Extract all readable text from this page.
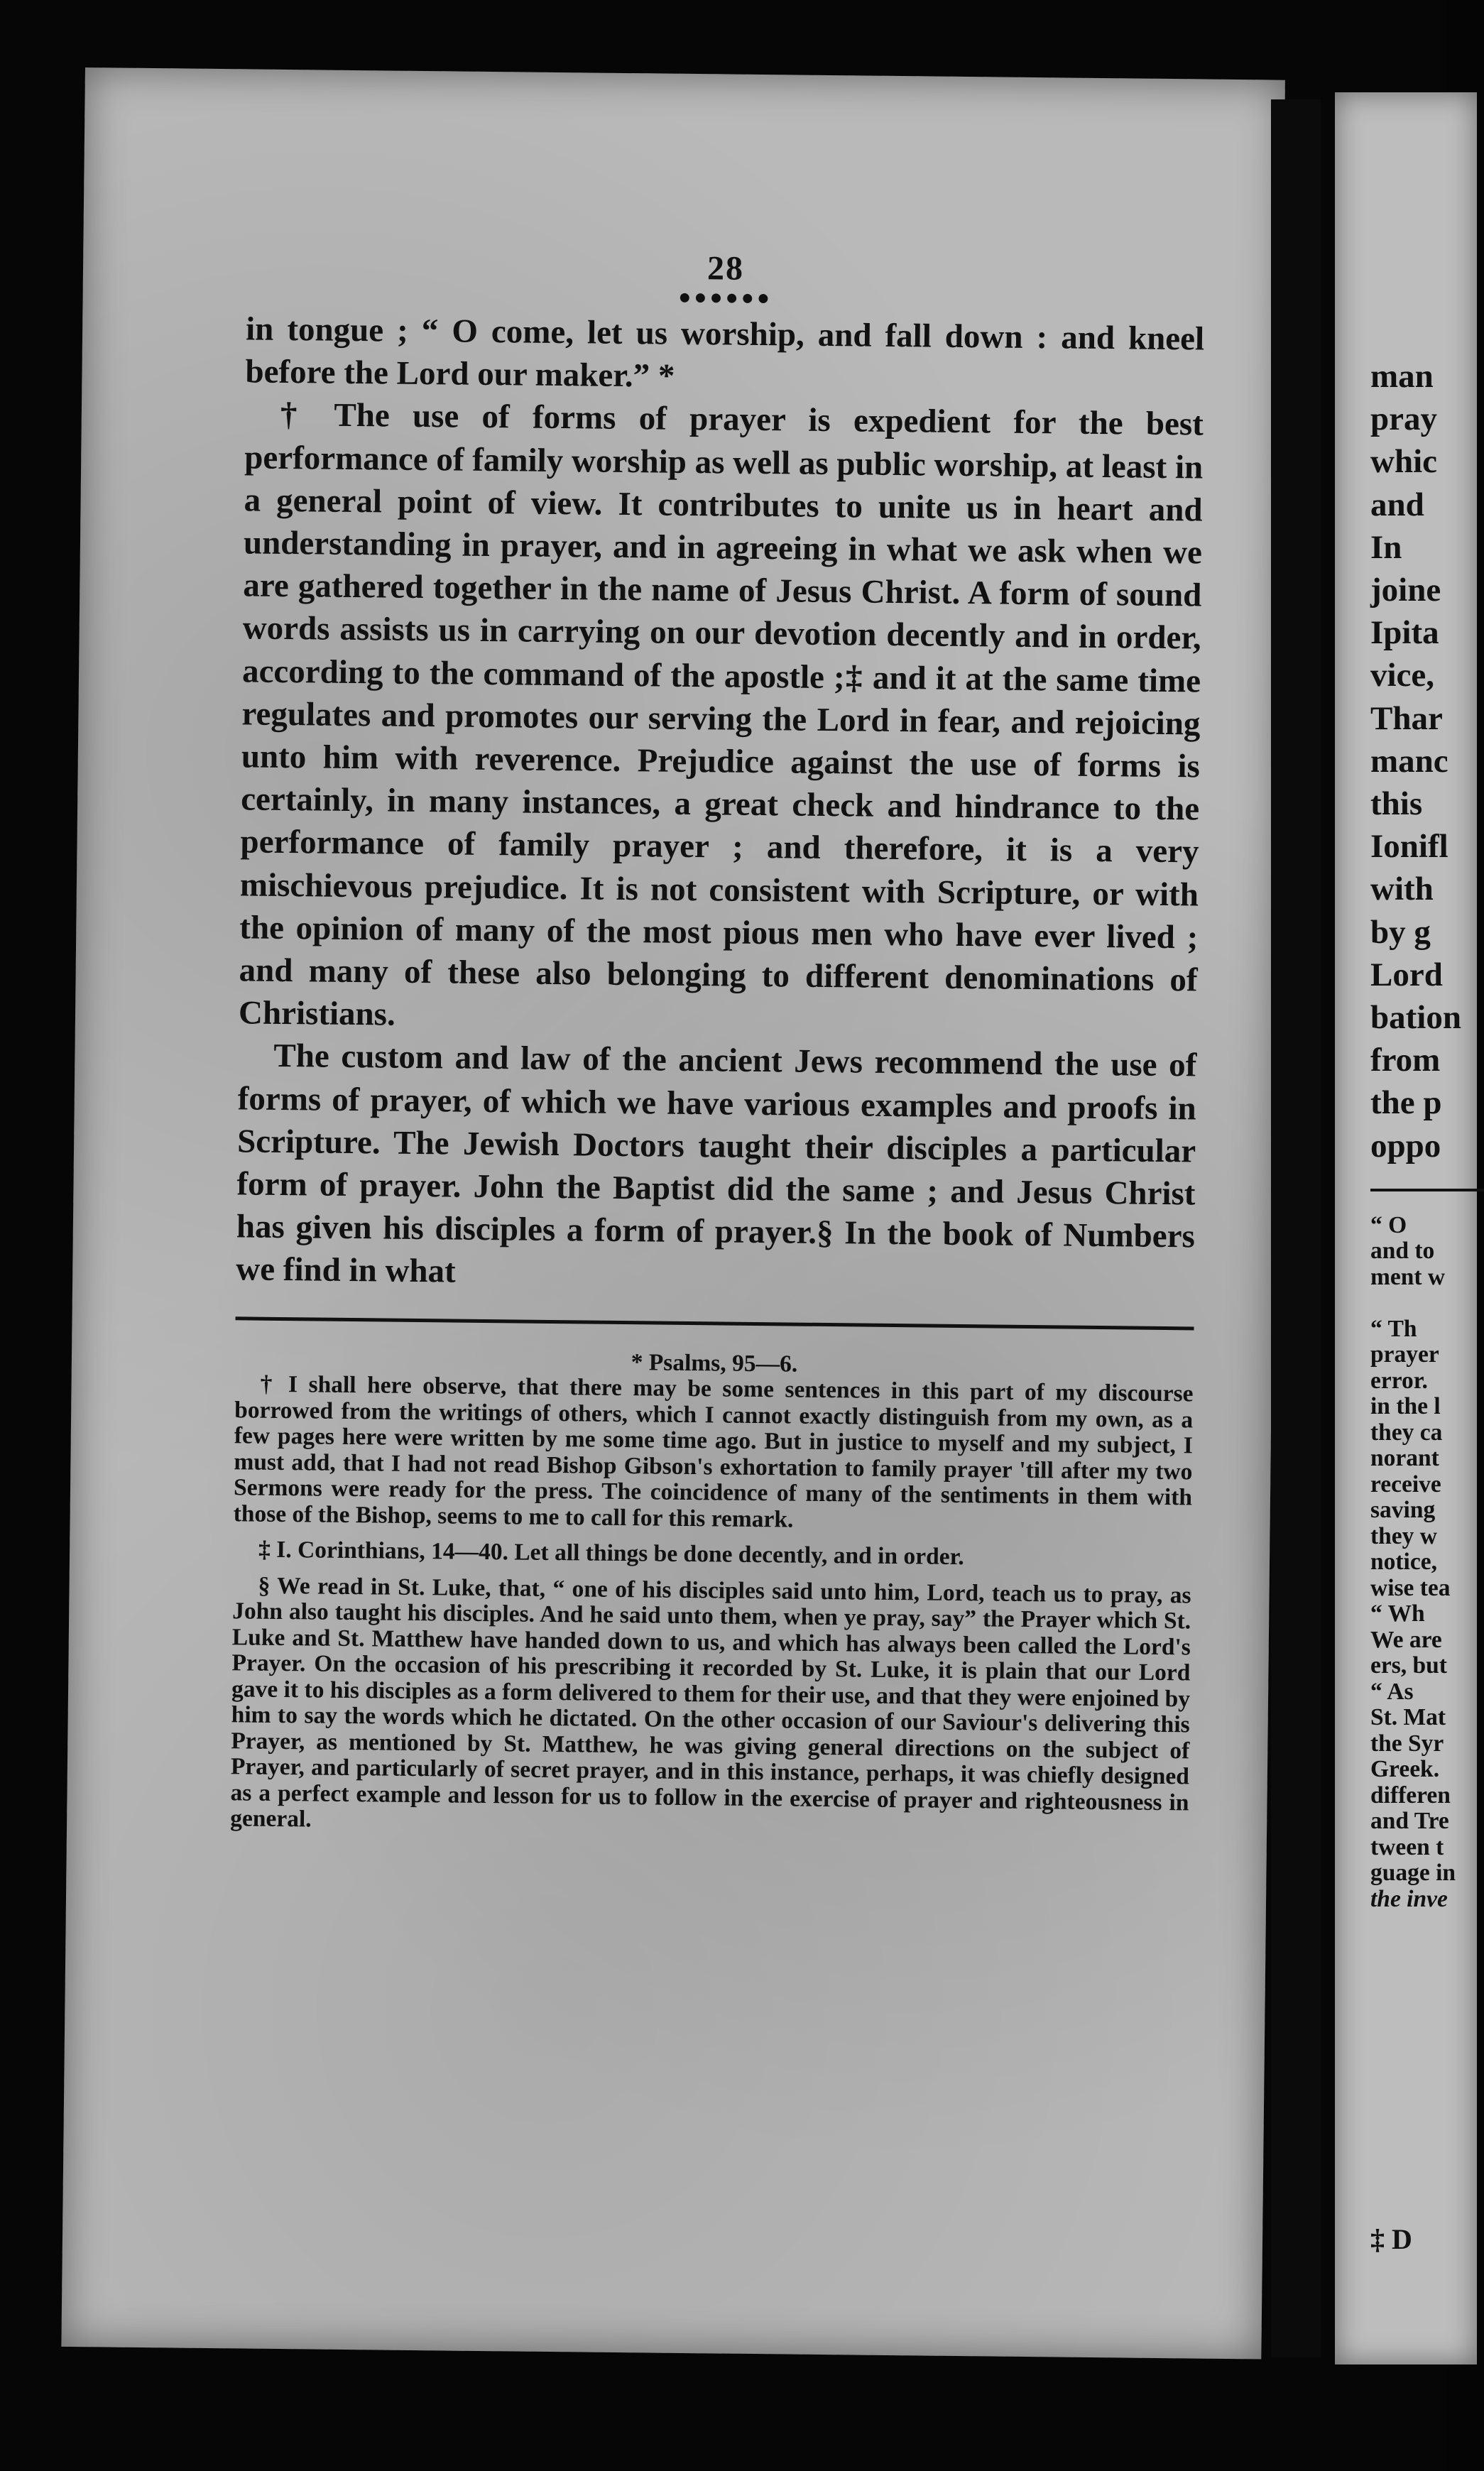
28

●●●●●●

in tongue ; “ O come, let us worship, and fall down : and kneel before the Lord our maker.” *

† The use of forms of prayer is expedient for the best performance of family worship as well as public worship, at least in a general point of view. It contributes to unite us in heart and understanding in prayer, and in agreeing in what we ask when we are gathered together in the name of Jesus Christ. A form of sound words assists us in carrying on our devotion decently and in order, according to the command of the apostle ;‡ and it at the same time regulates and promotes our serving the Lord in fear, and rejoicing unto him with reverence. Prejudice against the use of forms is certainly, in many instances, a great check and hindrance to the performance of family prayer ; and therefore, it is a very mischievous prejudice. It is not consistent with Scripture, or with the opinion of many of the most pious men who have ever lived ; and many of these also belonging to different denominations of Christians.

The custom and law of the ancient Jews recommend the use of forms of prayer, of which we have various examples and proofs in Scripture. The Jewish Doctors taught their disciples a particular form of prayer. John the Baptist did the same ; and Jesus Christ has given his disciples a form of prayer.§ In the book of Numbers we find in what

* Psalms, 95—6.

† I shall here observe, that there may be some sentences in this part of my discourse borrowed from the writings of others, which I cannot exactly distinguish from my own, as a few pages here were written by me some time ago. But in justice to myself and my subject, I must add, that I had not read Bishop Gibson's exhortation to family prayer 'till after my two Sermons were ready for the press. The coincidence of many of the sentiments in them with those of the Bishop, seems to me to call for this remark.

‡ I. Corinthians, 14—40. Let all things be done decently, and in order.

§ We read in St. Luke, that, “ one of his disciples said unto him, Lord, teach us to pray, as John also taught his disciples. And he said unto them, when ye pray, say” the Prayer which St. Luke and St. Matthew have handed down to us, and which has always been called the Lord's Prayer. On the occasion of his prescribing it recorded by St. Luke, it is plain that our Lord gave it to his disciples as a form delivered to them for their use, and that they were enjoined by him to say the words which he dictated. On the other occasion of our Saviour's delivering this Prayer, as mentioned by St. Matthew, he was giving general directions on the subject of Prayer, and particularly of secret prayer, and in this instance, perhaps, it was chiefly designed as a perfect example and lesson for us to follow in the exercise of prayer and righteousness in general.

man
pray
whic
and
In
joine
Ipita
vice,
Thar
manc
this
Ionifl
with
by g
Lord
bation
from
the p
oppo
“ O
and to
ment w

“ Th
prayer
error.
in the l
they ca
norant
receive
saving
they w
notice,
wise tea
“ Wh
We are
ers, but
“ As
St. Mat
the Syr
Greek.
differen
and Tre
tween t
guage in
the inve
‡ D
